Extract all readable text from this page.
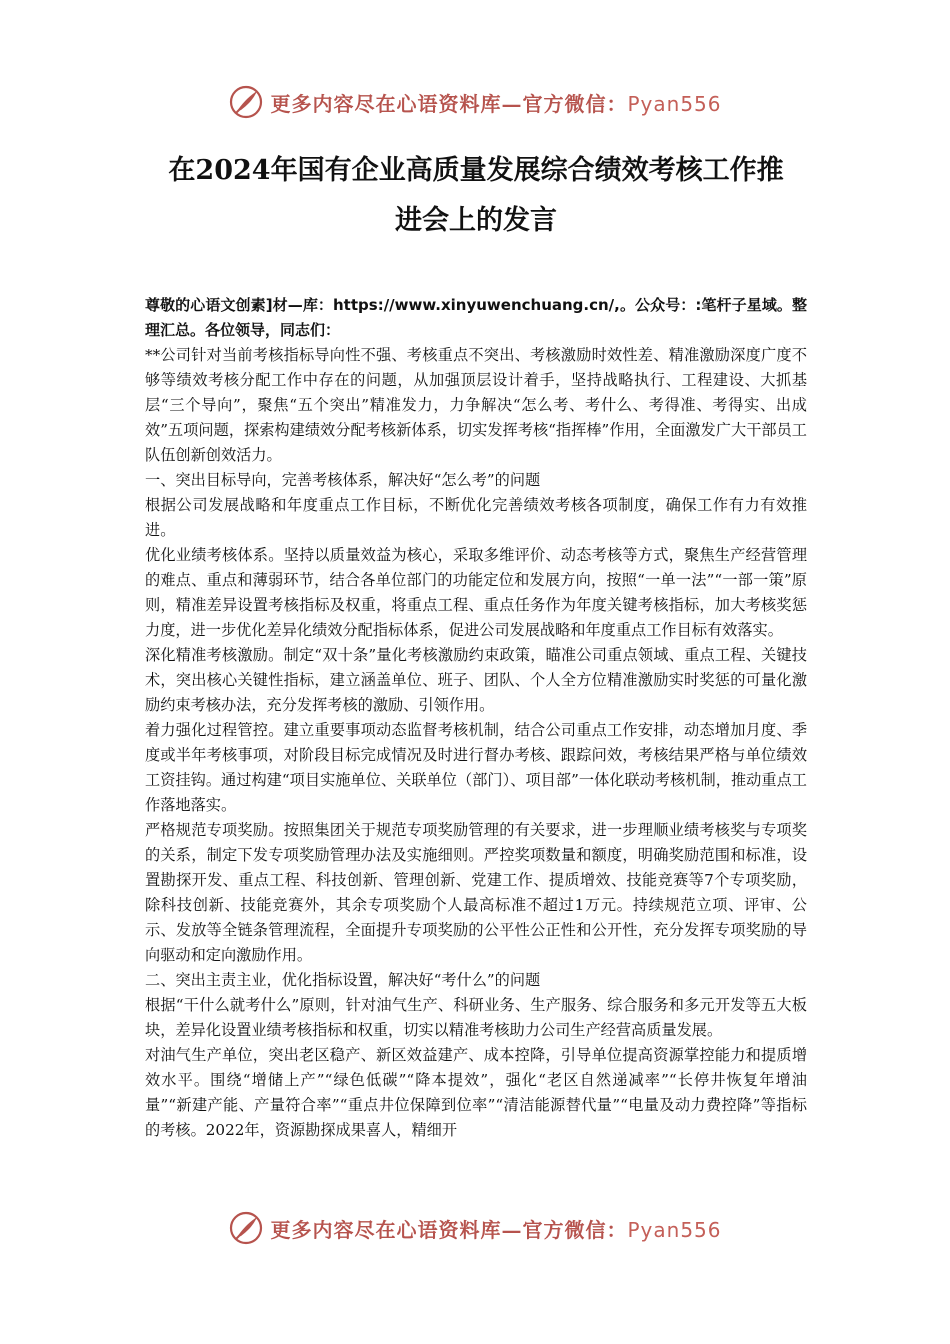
更多内容尽在心语资料库—官方微信：Pyan556
在2024年国有企业高质量发展综合绩效考核工作推
进会上的发言

尊敬的心语文创素]材—库：https://www.xinyuwenchuang.cn/,。公众号：:笔杆子星域。整理汇总。各位领导，同志们：

**公司针对当前考核指标导向性不强、考核重点不突出、考核激励时效性差、精准激励深度广度不够等绩效考核分配工作中存在的问题，从加强顶层设计着手，坚持战略执行、工程建设、大抓基层“三个导向”，聚焦“五个突出”精准发力，力争解决“怎么考、考什么、考得准、考得实、出成效”五项问题，探索构建绩效分配考核新体系，切实发挥考核“指挥棒”作用，全面激发广大干部员工队伍创新创效活力。

一、突出目标导向，完善考核体系，解决好“怎么考”的问题

根据公司发展战略和年度重点工作目标，不断优化完善绩效考核各项制度，确保工作有力有效推进。

优化业绩考核体系。坚持以质量效益为核心，采取多维评价、动态考核等方式，聚焦生产经营管理的难点、重点和薄弱环节，结合各单位部门的功能定位和发展方向，按照“一单一法”“一部一策”原则，精准差异设置考核指标及权重，将重点工程、重点任务作为年度关键考核指标，加大考核奖惩力度，进一步优化差异化绩效分配指标体系，促进公司发展战略和年度重点工作目标有效落实。

深化精准考核激励。制定“双十条”量化考核激励约束政策，瞄准公司重点领域、重点工程、关键技术，突出核心关键性指标，建立涵盖单位、班子、团队、个人全方位精准激励实时奖惩的可量化激励约束考核办法，充分发挥考核的激励、引领作用。

着力强化过程管控。建立重要事项动态监督考核机制，结合公司重点工作安排，动态增加月度、季度或半年考核事项，对阶段目标完成情况及时进行督办考核、跟踪问效，考核结果严格与单位绩效工资挂钩。通过构建“项目实施单位、关联单位（部门）、项目部”一体化联动考核机制，推动重点工作落地落实。

严格规范专项奖励。按照集团关于规范专项奖励管理的有关要求，进一步理顺业绩考核奖与专项奖的关系，制定下发专项奖励管理办法及实施细则。严控奖项数量和额度，明确奖励范围和标准，设置勘探开发、重点工程、科技创新、管理创新、党建工作、提质增效、技能竞赛等7个专项奖励，除科技创新、技能竞赛外，其余专项奖励个人最高标准不超过1万元。持续规范立项、评审、公示、发放等全链条管理流程，全面提升专项奖励的公平性公正性和公开性，充分发挥专项奖励的导向驱动和定向激励作用。

二、突出主责主业，优化指标设置，解决好“考什么”的问题

根据“干什么就考什么”原则，针对油气生产、科研业务、生产服务、综合服务和多元开发等五大板块，差异化设置业绩考核指标和权重，切实以精准考核助力公司生产经营高质量发展。

对油气生产单位，突出老区稳产、新区效益建产、成本控降，引导单位提高资源掌控能力和提质增效水平。围绕“增储上产”“绿色低碳”“降本提效”，强化“老区自然递减率”“长停井恢复年增油量”“新建产能、产量符合率”“重点井位保障到位率”“清洁能源替代量”“电量及动力费控降”等指标的考核。2022年，资源勘探成果喜人，精细开

更多内容尽在心语资料库—官方微信：Pyan556
